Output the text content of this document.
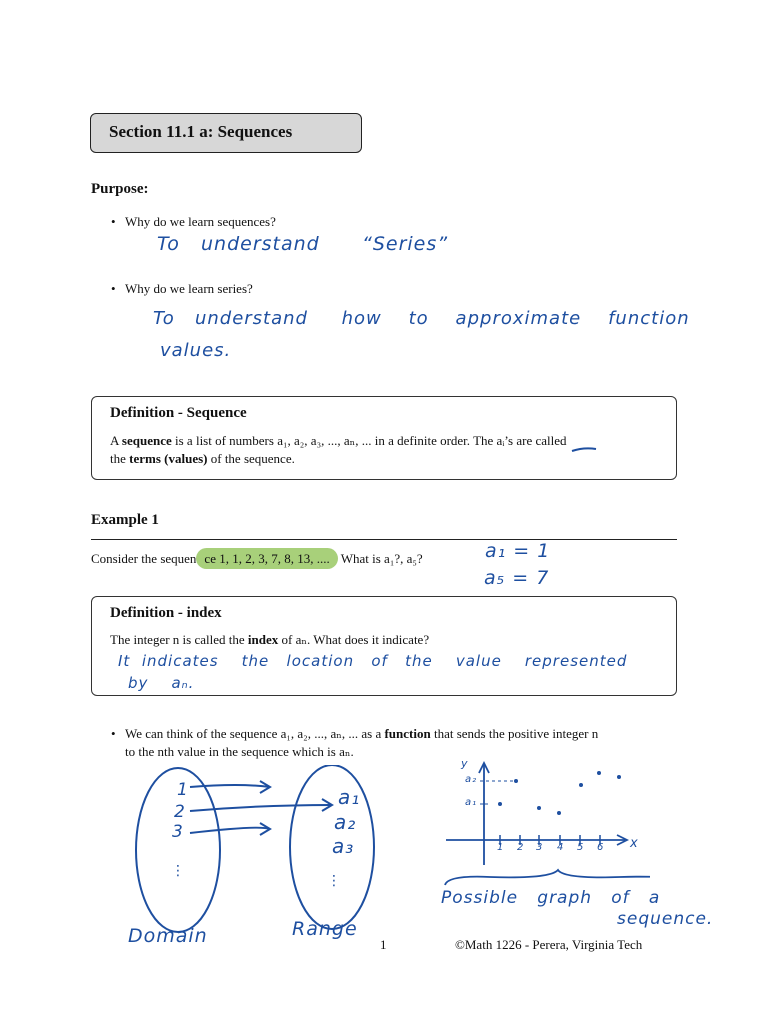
Section 11.1 a: Sequences
Purpose:
• Why do we learn sequences?
To   understand      “Series”
• Why do we learn series?
To   understand     how    to    approximate    function
values.
Definition - Sequence
A sequence is a list of numbers a₁, a₂, a₃, ..., aₙ, ... in a definite order. The aᵢ’s are called
the terms (values) of the sequence.
Example 1
Consider the sequen ce 1, 1, 2, 3, 7, 8, 13, .... What is a₁?, a₅?	a₁ = 1
a₅ = 7
Definition - index
The integer n is called the index of aₙ. What does it indicate?
It  indicates    the   location   of   the    value    represented
by    aₙ.
• We can think of the sequence a₁, a₂, ..., aₙ, ... as a function that sends the positive integer n
to the nth value in the sequence which is aₙ.
⋮
⋮
1
2
3
a₁
a₂
a₃
Domain	Range
y
x
a₂
a₁
1 2 3 4 5 6
Possible   graph   of   a
sequence.
1	©Math 1226 - Perera, Virginia Tech
